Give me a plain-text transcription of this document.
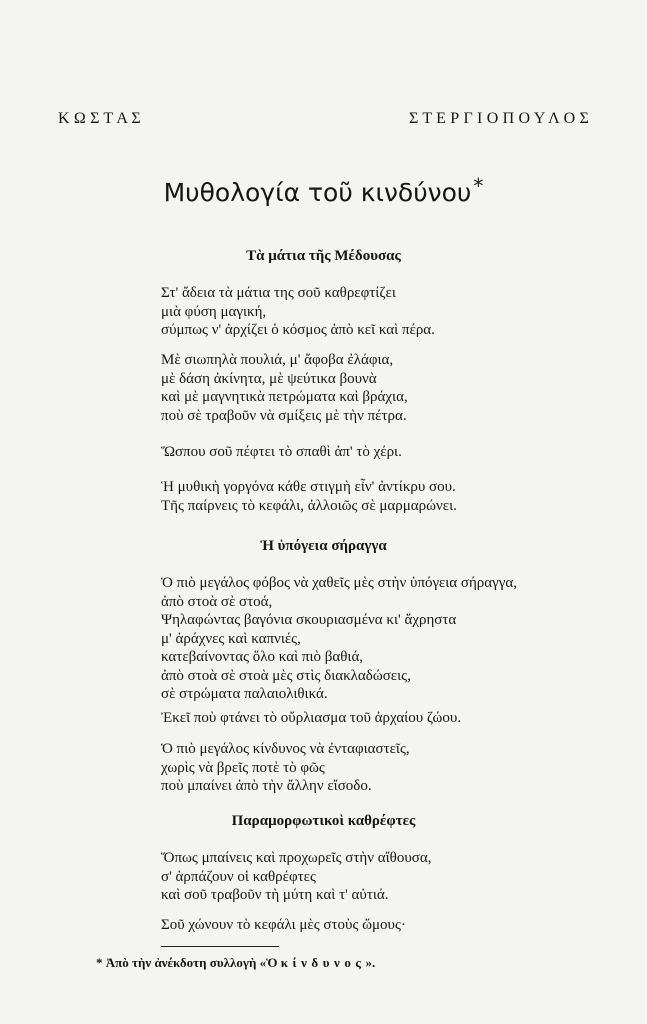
Κ Ω Σ Τ Α Σ	Σ Τ Ε Ρ Γ Ι Ο Π Ο Υ Λ Ο Σ
Μυθολογία τοῦ κινδύνου *
Τὰ μάτια τῆς Μέδουσας
Στ' ἄδεια τὰ μάτια της σοῦ καθρεφτίζει
μιὰ φύση μαγική,
σύμπως ν' ἀρχίζει ὁ κόσμος ἀπὸ κεῖ καὶ πέρα.
Μὲ σιωπηλὰ πουλιά, μ' ἄφοβα ἐλάφια,
μὲ δάση ἀκίνητα, μὲ ψεύτικα βουνὰ
καὶ μὲ μαγνητικὰ πετρώματα καὶ βράχια,
ποὺ σὲ τραβοῦν νὰ σμίξεις μὲ τὴν πέτρα.
Ὥσπου σοῦ πέφτει τὸ σπαθὶ ἀπ' τὸ χέρι.
Ἡ μυθικὴ γοργόνα κάθε στιγμὴ εἶν' ἀντίκρυ σου.
Τῆς παίρνεις τὸ κεφάλι, ἀλλοιῶς σὲ μαρμαρώνει.
Ἡ ὑπόγεια σήραγγα
Ὁ πιὸ μεγάλος φόβος νὰ χαθεῖς μὲς στὴν ὑπόγεια σήραγγα,
ἀπὸ στοὰ σὲ στοά,
Ψηλαφώντας βαγόνια σκουριασμένα κι' ἄχρηστα
μ' ἀράχνες καὶ καπνιές,
κατεβαίνοντας ὅλο καὶ πιὸ βαθιά,
ἀπὸ στοὰ σὲ στοὰ μὲς στὶς διακλαδώσεις,
σὲ στρώματα παλαιολιθικά.
Ἐκεῖ ποὺ φτάνει τὸ οὔρλιασμα τοῦ ἀρχαίου ζώου.
Ὁ πιὸ μεγάλος κίνδυνος νὰ ἐνταφιαστεῖς,
χωρὶς νὰ βρεῖς ποτὲ τὸ φῶς
ποὺ μπαίνει ἀπὸ τὴν ἄλλην εἴσοδο.
Παραμορφωτικοὶ καθρέφτες
Ὅπως μπαίνεις καὶ προχωρεῖς στὴν αἴθουσα,
σ' ἁρπάζουν οἱ καθρέφτες
καὶ σοῦ τραβοῦν τὴ μύτη καὶ τ' αὐτιά.
Σοῦ χώνουν τὸ κεφάλι μὲς στοὺς ὤμους·
* Ἀπὸ τὴν ἀνέκδοτη συλλογὴ «Ὁ κίνδυνος».
